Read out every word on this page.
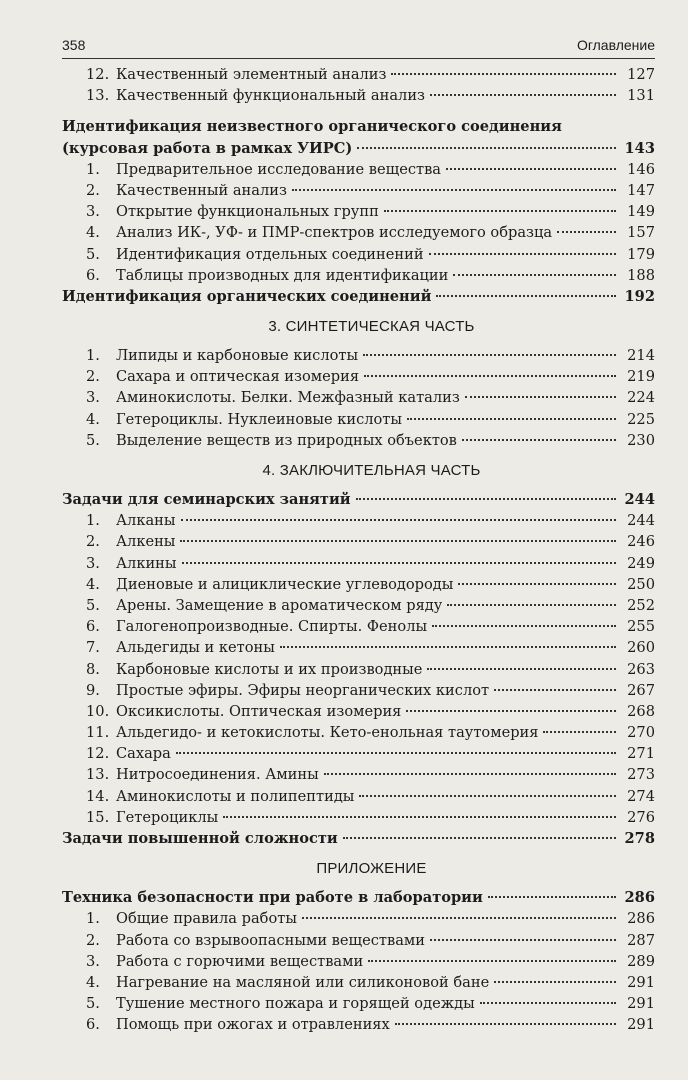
358	Оглавление
12. Качественный элементный анализ	127
13. Качественный функциональный анализ	131
Идентификация неизвестного органического соединения
(курсовая работа в рамках УИРС)	143
1.	Предварительное исследование вещества	146
2.	Качественный анализ	147
3.	Открытие функциональных групп	149
4.	Анализ ИК-, УФ- и ПМР-спектров исследуемого образца	157
5.	Идентификация отдельных соединений	179
6.	Таблицы производных для идентификации	188
Идентификация органических соединений	192
3. СИНТЕТИЧЕСКАЯ ЧАСТЬ
1.	Липиды и карбоновые кислоты	214
2.	Сахара и оптическая изомерия	219
3.	Аминокислоты. Белки. Межфазный катализ	224
4.	Гетероциклы. Нуклеиновые кислоты	225
5.	Выделение веществ из природных объектов	230
4. ЗАКЛЮЧИТЕЛЬНАЯ ЧАСТЬ
Задачи для семинарских занятий	244
1.	Алканы	244
2.	Алкены	246
3.	Алкины	249
4.	Диеновые и алициклические углеводороды	250
5.	Арены. Замещение в ароматическом ряду	252
6.	Галогенопроизводные. Спирты. Фенолы	255
7.	Альдегиды и кетоны	260
8.	Карбоновые кислоты и их производные	263
9.	Простые эфиры. Эфиры неорганических кислот	267
10. Оксикислоты. Оптическая изомерия	268
11. Альдегидо- и кетокислоты. Кето-енольная таутомерия	270
12. Сахара	271
13. Нитросоединения. Амины	273
14. Аминокислоты и полипептиды	274
15. Гетероциклы	276
Задачи повышенной сложности	278
ПРИЛОЖЕНИЕ
Техника безопасности при работе в лаборатории	286
1.	Общие правила работы	286
2.	Работа со взрывоопасными веществами	287
3.	Работа с горючими веществами	289
4.	Нагревание на масляной или силиконовой бане	291
5.	Тушение местного пожара и горящей одежды	291
6.	Помощь при ожогах и отравлениях	291
